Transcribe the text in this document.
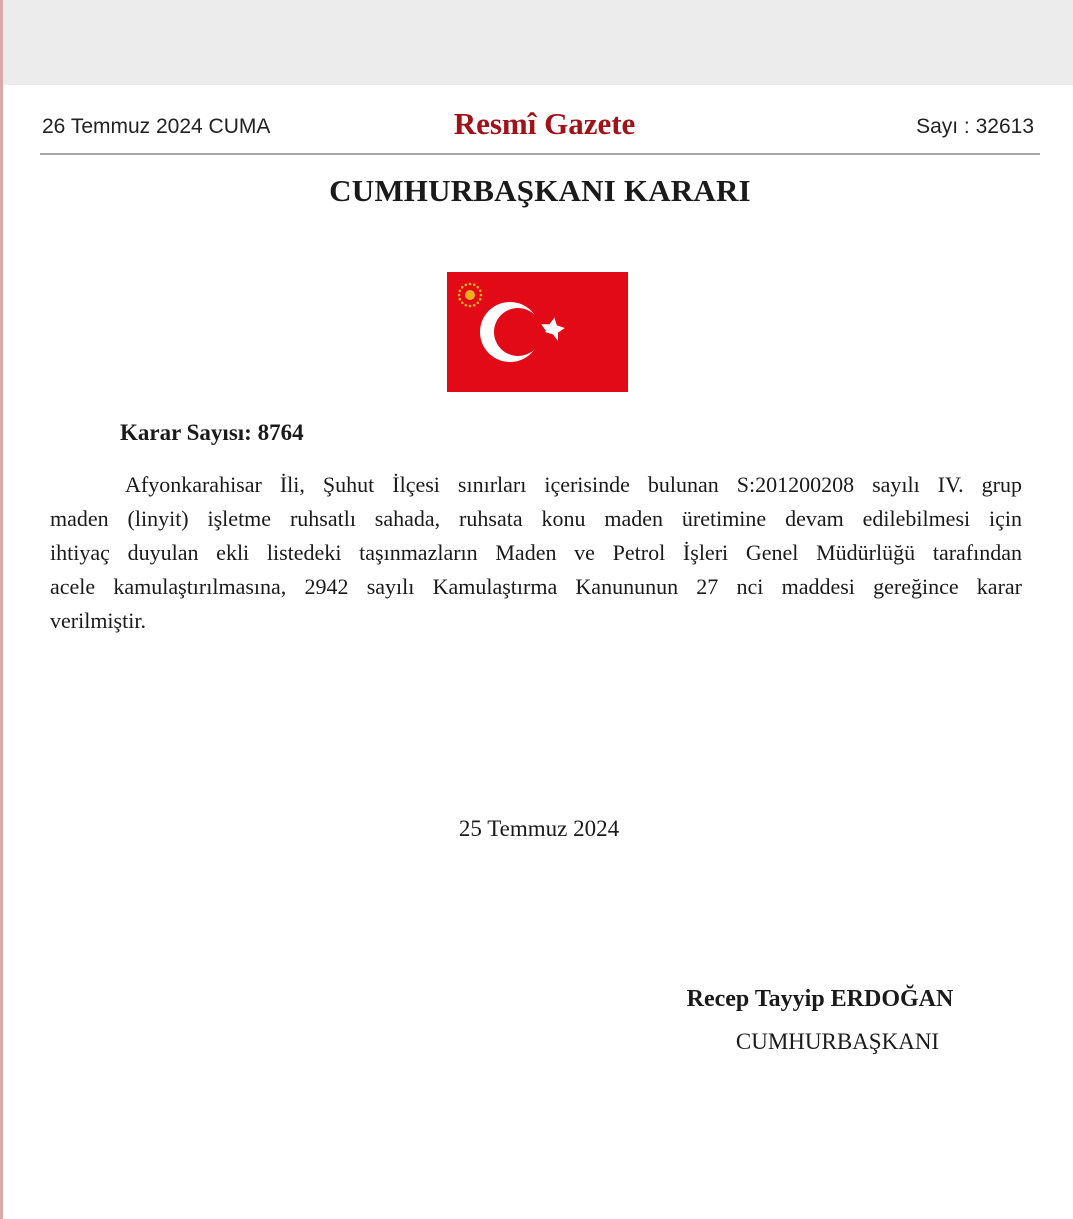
26 Temmuz 2024 CUMA	Resmî Gazete	Sayı : 32613
CUMHURBAŞKANI KARARI
Karar Sayısı: 8764
Afyonkarahisar İli, Şuhut İlçesi sınırları içerisinde bulunan S:201200208 sayılı IV. grup
maden (linyit) işletme ruhsatlı sahada, ruhsata konu maden üretimine devam edilebilmesi için
ihtiyaç duyulan ekli listedeki taşınmazların Maden ve Petrol İşleri Genel Müdürlüğü tarafından
acele kamulaştırılmasına, 2942 sayılı Kamulaştırma Kanununun 27 nci maddesi gereğince karar
verilmiştir.
25 Temmuz 2024
Recep Tayyip ERDOĞAN
CUMHURBAŞKANI
